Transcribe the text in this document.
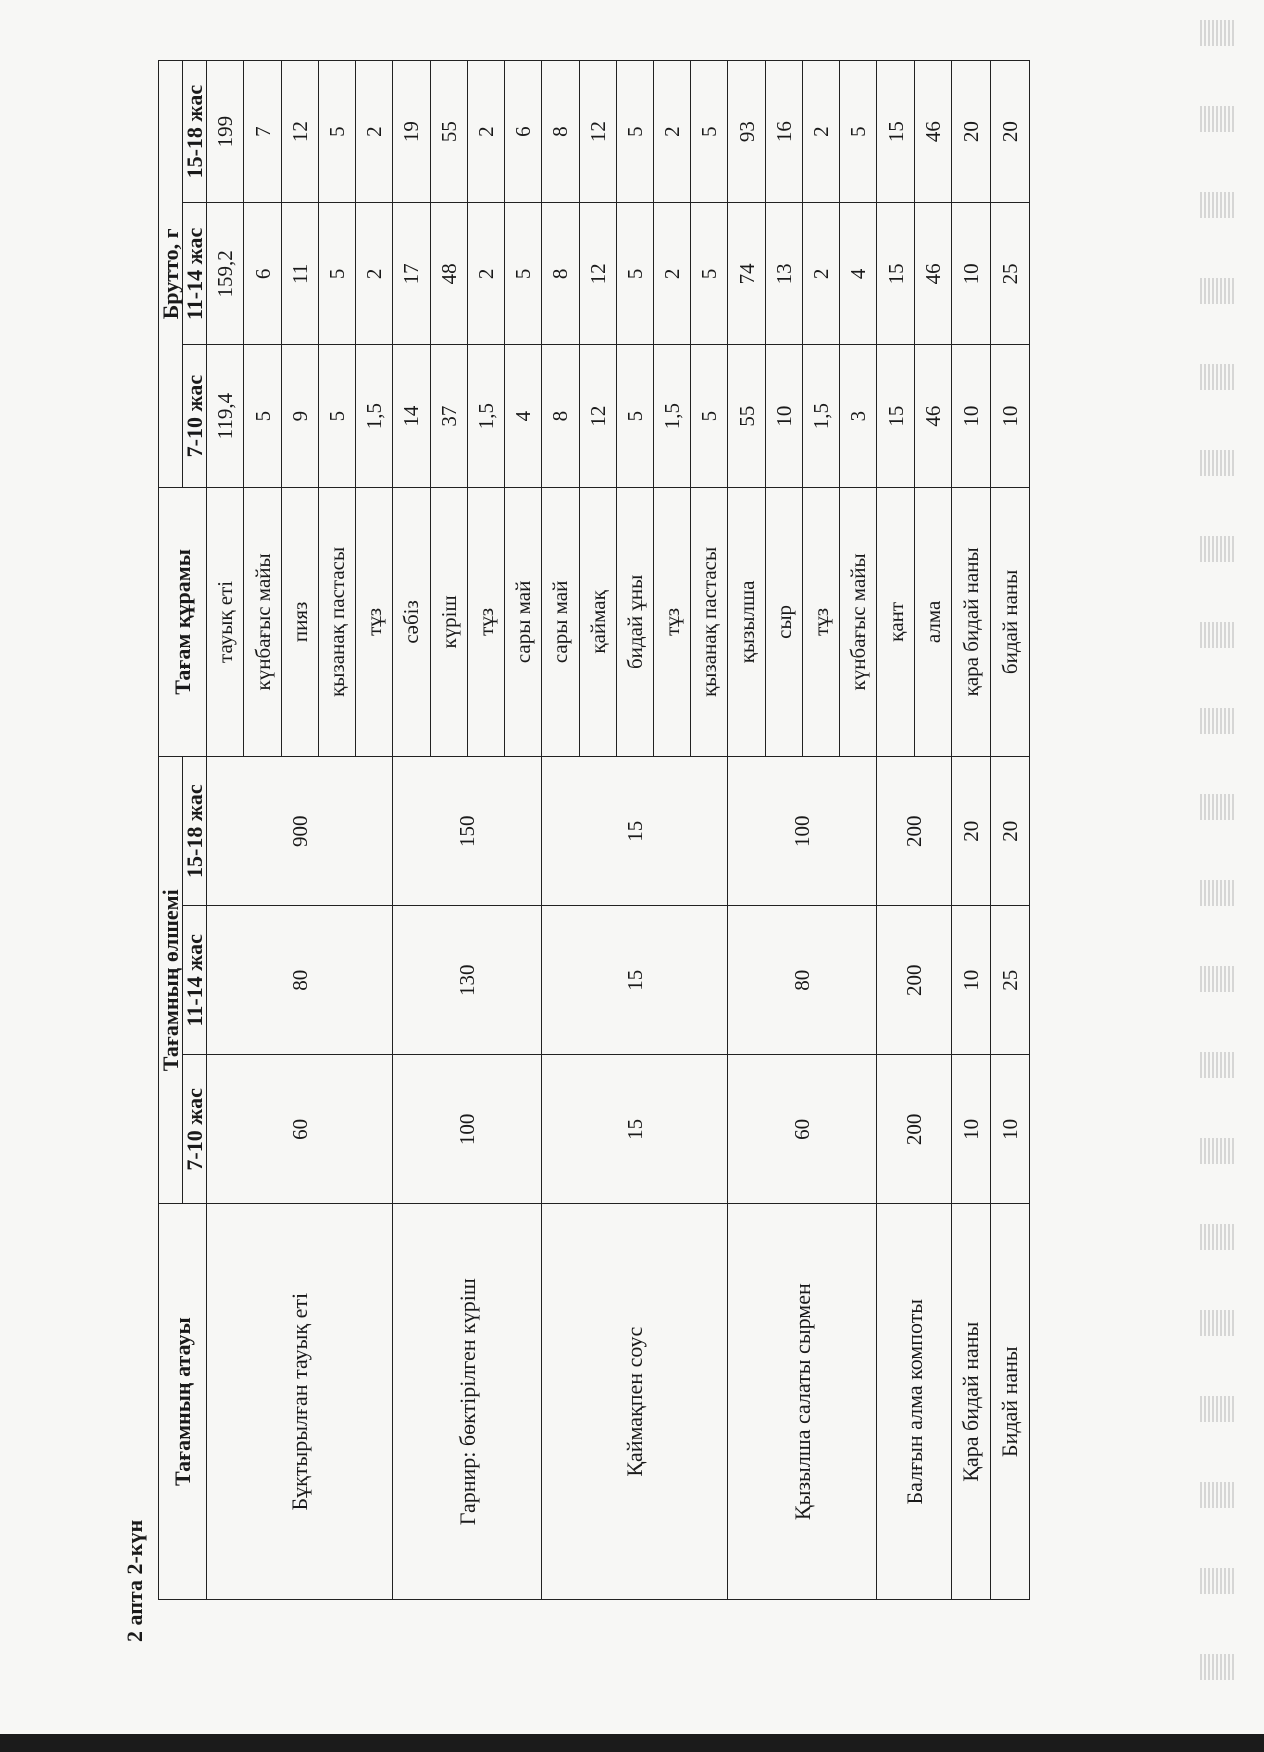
2 апта 2-күн
Тағамның атауы	Тағамның өлшемі			Тағам құрамы	Брутто, г		
	7-10 жас	11-14 жас	15-18 жас		7-10 жас	11-14 жас	15-18 жас
Бұқтырылған тауық еті	60	80	900	тауық еті	119,4	159,2	199
				күнбағыс майы	5	6	7
				пияз	9	11	12
				қызанақ пастасы	5	5	5
				тұз	1,5	2	2
Гарнир: бөктірілген күріш	100	130	150	сәбіз	14	17	19
				күріш	37	48	55
				тұз	1,5	2	2
				сары май	4	5	6
Қаймақпен соус	15	15	15	сары май	8	8	8
				қаймақ	12	12	12
				бидай ұны	5	5	5
				тұз	1,5	2	2
				қызанақ пастасы	5	5	5
Қызылша салаты сырмен	60	80	100	қызылша	55	74	93
				сыр	10	13	16
				тұз	1,5	2	2
				күнбағыс майы	3	4	5
Балғын алма компоты	200	200	200	қант	15	15	15
				алма	46	46	46
Қара бидай наны	10	10	20	қара бидай наны	10	10	20
Бидай наны	10	25	20	бидай наны	10	25	20
